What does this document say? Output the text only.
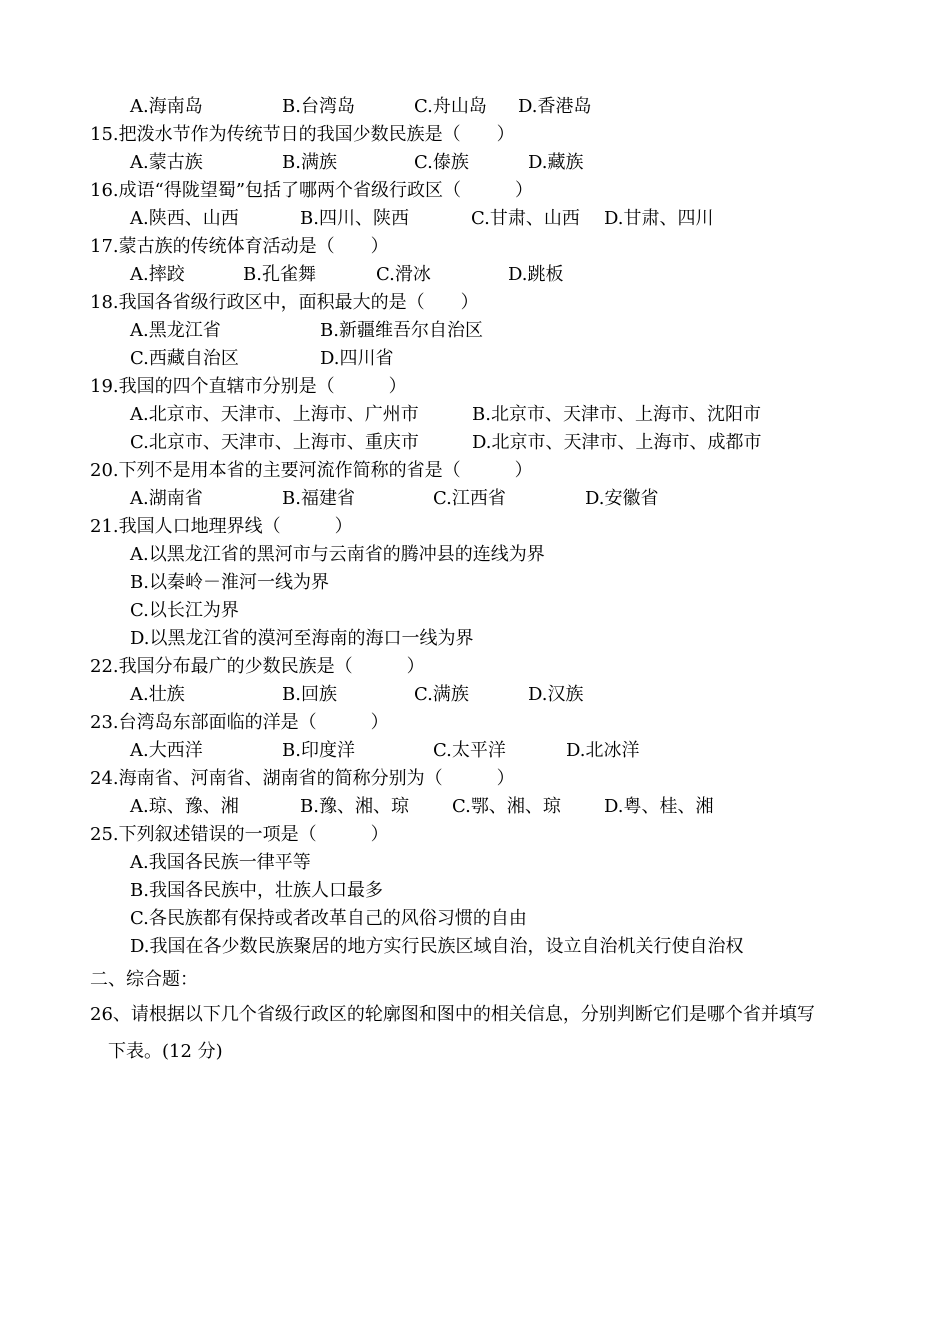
A.海南岛	B.台湾岛	C.舟山岛 D.香港岛
15.把泼水节作为传统节日的我国少数民族是（　　）
A.蒙古族	B.满族	C.傣族	D.藏族
16.成语“得陇望蜀”包括了哪两个省级行政区（　　　）
A.陕西、山西	B.四川、陕西	C.甘肃、山西 D.甘肃、四川
17.蒙古族的传统体育活动是（　　）
A.摔跤	B.孔雀舞	C.滑冰	D.跳板
18.我国各省级行政区中，面积最大的是（　　）
A.黑龙江省	B.新疆维吾尔自治区
C.西藏自治区	D.四川省
19.我国的四个直辖市分别是（　　　）
A.北京市、天津市、上海市、广州市	B.北京市、天津市、上海市、沈阳市
C.北京市、天津市、上海市、重庆市	D.北京市、天津市、上海市、成都市
20.下列不是用本省的主要河流作简称的省是（　　　）
A.湖南省	B.福建省	C.江西省	D.安徽省
21.我国人口地理界线（　　　）
A.以黑龙江省的黑河市与云南省的腾冲县的连线为界
B.以秦岭－淮河一线为界
C.以长江为界
D.以黑龙江省的漠河至海南的海口一线为界
22.我国分布最广的少数民族是（　　　）
A.壮族	B.回族	C.满族	D.汉族
23.台湾岛东部面临的洋是（　　　）
A.大西洋	B.印度洋	C.太平洋	D.北冰洋
24.海南省、河南省、湖南省的简称分别为（　　　）
A.琼、豫、湘	B.豫、湘、琼 C.鄂、湘、琼 D.粤、桂、湘
25.下列叙述错误的一项是（　　　）
A.我国各民族一律平等
B.我国各民族中，壮族人口最多
C.各民族都有保持或者改革自己的风俗习惯的自由
D.我国在各少数民族聚居的地方实行民族区域自治，设立自治机关行使自治权
二、综合题：
26、请根据以下几个省级行政区的轮廓图和图中的相关信息，分别判断它们是哪个省并填写
下表。(12 分)
